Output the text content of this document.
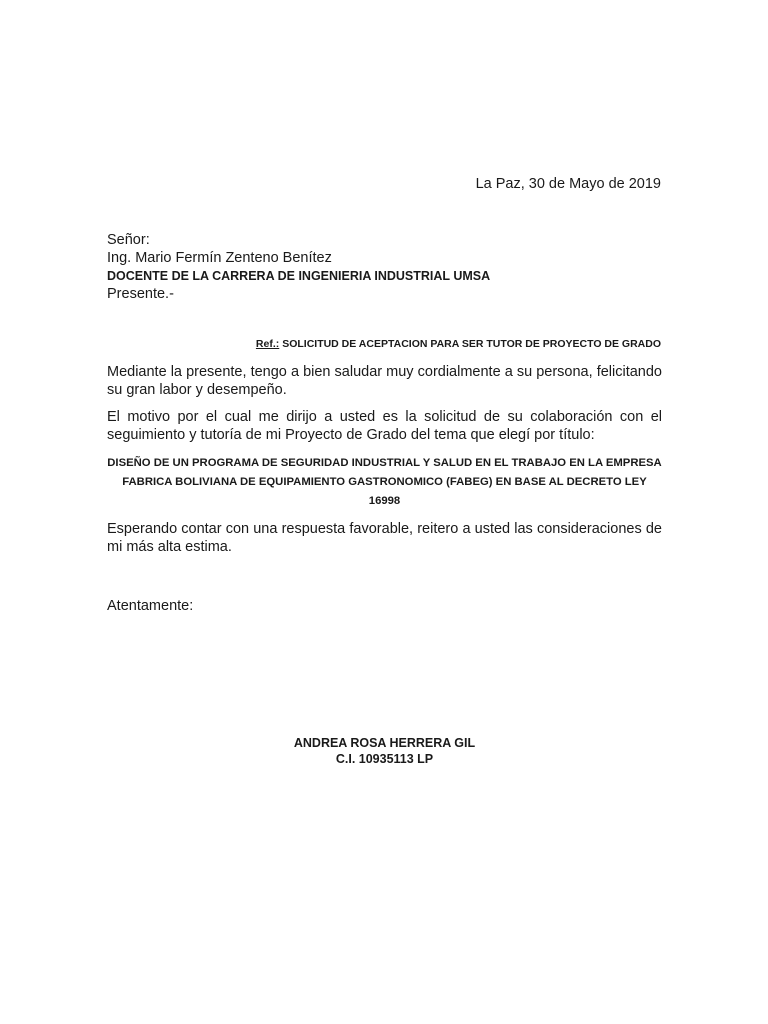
La Paz, 30 de Mayo de 2019
Señor:
Ing. Mario Fermín Zenteno Benítez
DOCENTE DE LA CARRERA DE INGENIERIA INDUSTRIAL UMSA
Presente.-
Ref.: SOLICITUD DE ACEPTACION PARA SER TUTOR DE PROYECTO DE GRADO
Mediante la presente, tengo a bien saludar muy cordialmente a su persona, felicitando su gran labor y desempeño.
El motivo por el cual me dirijo a usted es la solicitud de su colaboración con el seguimiento y tutoría de mi Proyecto de Grado del tema que elegí por título:
DISEÑO DE UN PROGRAMA DE SEGURIDAD INDUSTRIAL Y SALUD EN EL TRABAJO EN LA EMPRESA FABRICA BOLIVIANA DE EQUIPAMIENTO GASTRONOMICO (FABEG) EN BASE AL DECRETO LEY 16998
Esperando contar con una respuesta favorable, reitero a usted las consideraciones de mi más alta estima.
Atentamente:
ANDREA ROSA HERRERA GIL
C.I. 10935113 LP
